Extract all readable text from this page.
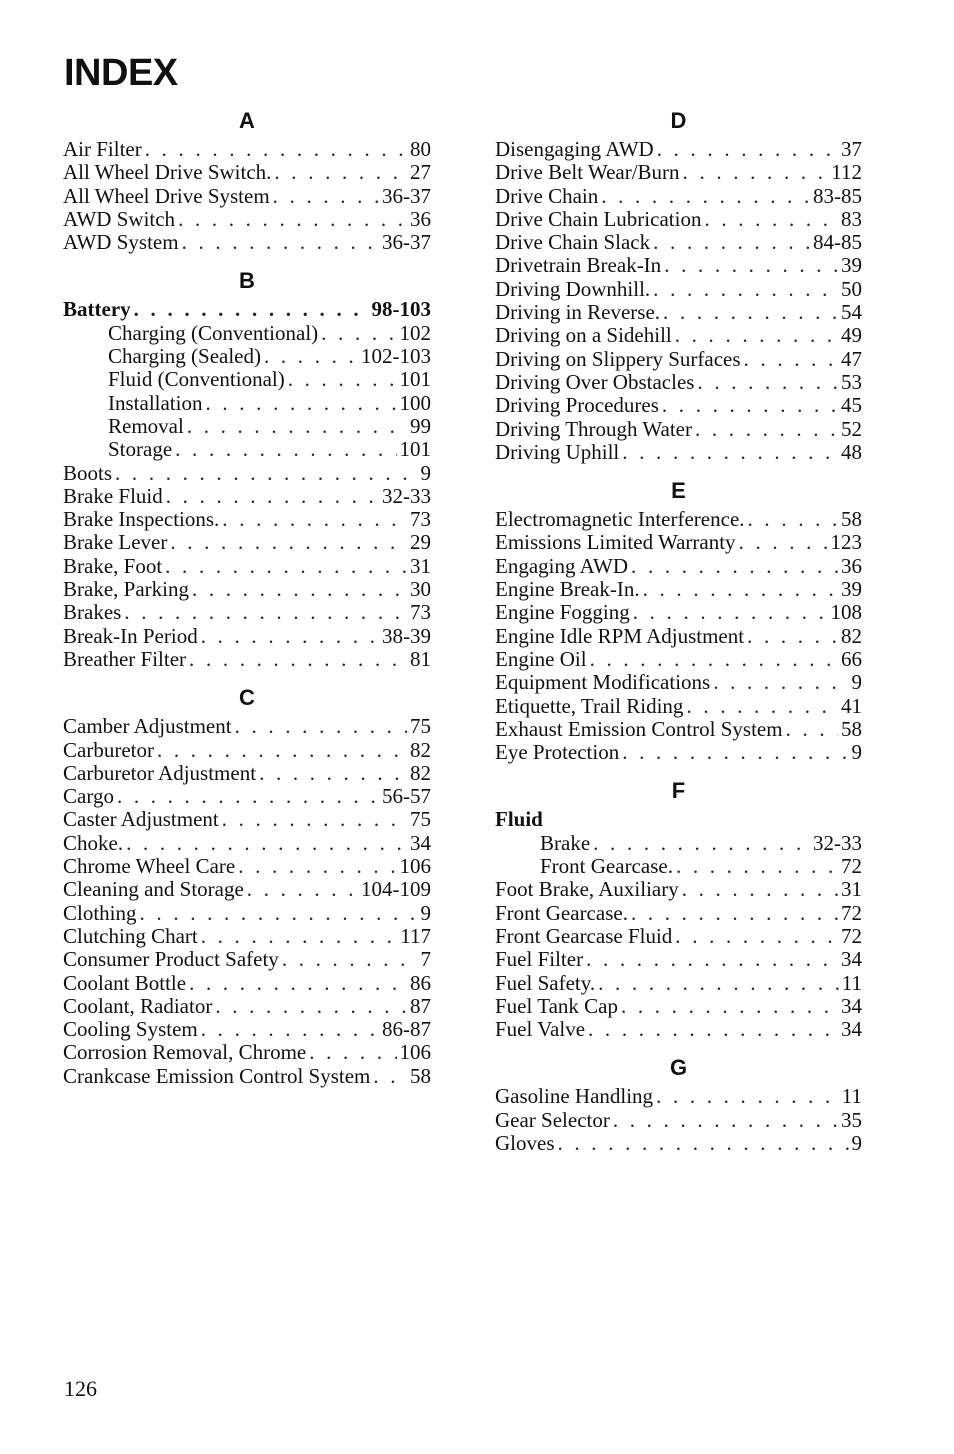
INDEX
A
Air Filter . . .	80
All Wheel Drive Switch. . . .	27
All Wheel Drive System . . .	36-37
AWD Switch . . .	36
AWD System . . .	36-37
B
Battery . . .	98-103
Charging (Conventional) . . .	102
Charging (Sealed) . . .	102-103
Fluid (Conventional) . . .	101
Installation . . .	100
Removal . . .	99
Storage . . .	101
Boots . . .	9
Brake Fluid . . .	32-33
Brake Inspections. . . .	73
Brake Lever . . .	29
Brake, Foot . . .	31
Brake, Parking . . .	30
Brakes . . .	73
Break-In Period . . .	38-39
Breather Filter . . .	81
C
Camber Adjustment . . .	75
Carburetor . . .	82
Carburetor Adjustment . . .	82
Cargo . . .	56-57
Caster Adjustment . . .	75
Choke. . . .	34
Chrome Wheel Care . . .	106
Cleaning and Storage . . .	104-109
Clothing . . .	9
Clutching Chart . . .	117
Consumer Product Safety . . .	7
Coolant Bottle . . .	86
Coolant, Radiator . . .	87
Cooling System . . .	86-87
Corrosion Removal, Chrome . . .	106
Crankcase Emission Control System . . . 58
D
Disengaging AWD . . .	37
Drive Belt Wear/Burn . . .	112
Drive Chain . . .	83-85
Drive Chain Lubrication . . .	83
Drive Chain Slack . . .	84-85
Drivetrain Break-In . . .	39
Driving Downhill. . . .	50
Driving in Reverse. . . .	54
Driving on a Sidehill . . .	49
Driving on Slippery Surfaces . . .	47
Driving Over Obstacles . . .	53
Driving Procedures . . .	45
Driving Through Water . . .	52
Driving Uphill . . .	48
E
Electromagnetic Interference. . . .	58
Emissions Limited Warranty . . .	123
Engaging AWD . . .	36
Engine Break-In. . . .	39
Engine Fogging . . .	108
Engine Idle RPM Adjustment . . .	82
Engine Oil . . .	66
Equipment Modifications . . .	9
Etiquette, Trail Riding . . .	41
Exhaust Emission Control System . . .	58
Eye Protection . . .	9
F
Fluid
Brake . . .	32-33
Front Gearcase. . . .	72
Foot Brake, Auxiliary . . .	31
Front Gearcase. . . .	72
Front Gearcase Fluid . . .	72
Fuel Filter . . .	34
Fuel Safety. . . .	11
Fuel Tank Cap . . .	34
Fuel Valve . . .	34
G
Gasoline Handling . . .	11
Gear Selector . . .	35
Gloves . . .	9
126
